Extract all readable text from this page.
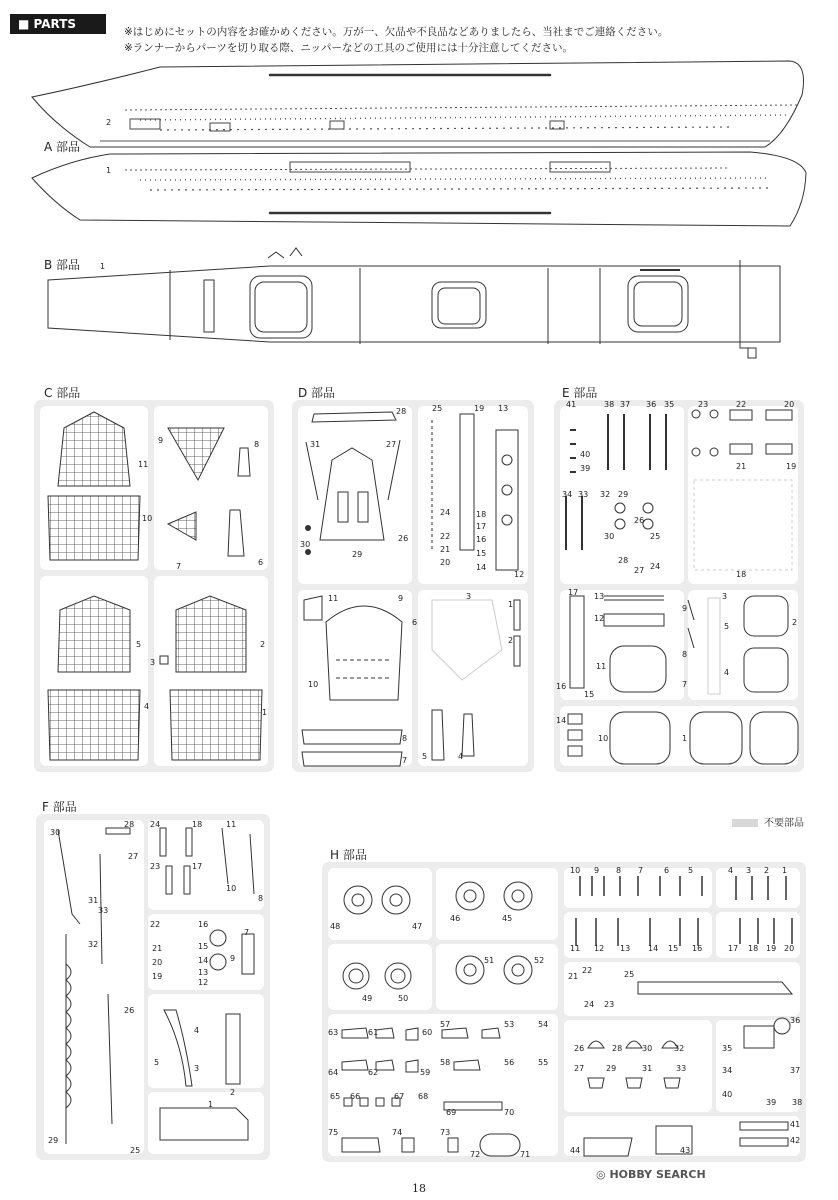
■ PARTS LIST
※はじめにセットの内容をお確かめください。万が一、欠品や不良品などありましたら、当社までご連絡ください。
※ランナーからパーツを切り取る際、ニッパーなどの工具のご使用には十分注意してください。
A 部品
2
1
B 部品 1
C 部品
11
9	8
10
7	6
5	2
3
1
4
D 部品
28	25	19 13
31	27
24	18
17
22	16
21	15
20
14
30
29
26
12
11	9
6
10
3
1
2
8
7 5	4
E 部品
41	38 37 36 35	23	22	20
40
39	21	19
34 33 32 29
26
30
28
25
27 24
18
17 13
12
11
9
8
7
16
15
14
10
3
5
4
2
1
F 部品
30
28
27
24	18	11
31
33
23	17
10
8
32
22
21
20
19
16
15
14
13
12
9
7
26
5
4
3
2
29
25
1
不要部品
H 部品
48	47
46	45
49	50
51	52
63	61	60
57	53	54
64	62	59
58	56	55
65 66	67 68
69	70
75	74	73
72	71
10 9 8 7	6 5	4 3 2 1
11 12 13 14 15 16	17 18 19 20
21
22
23
24
25
26	28 30	32
36
35
27	29	31	33	34	37
38
39
40
41
42
43
44
◎ HOBBY SEARCH
18
